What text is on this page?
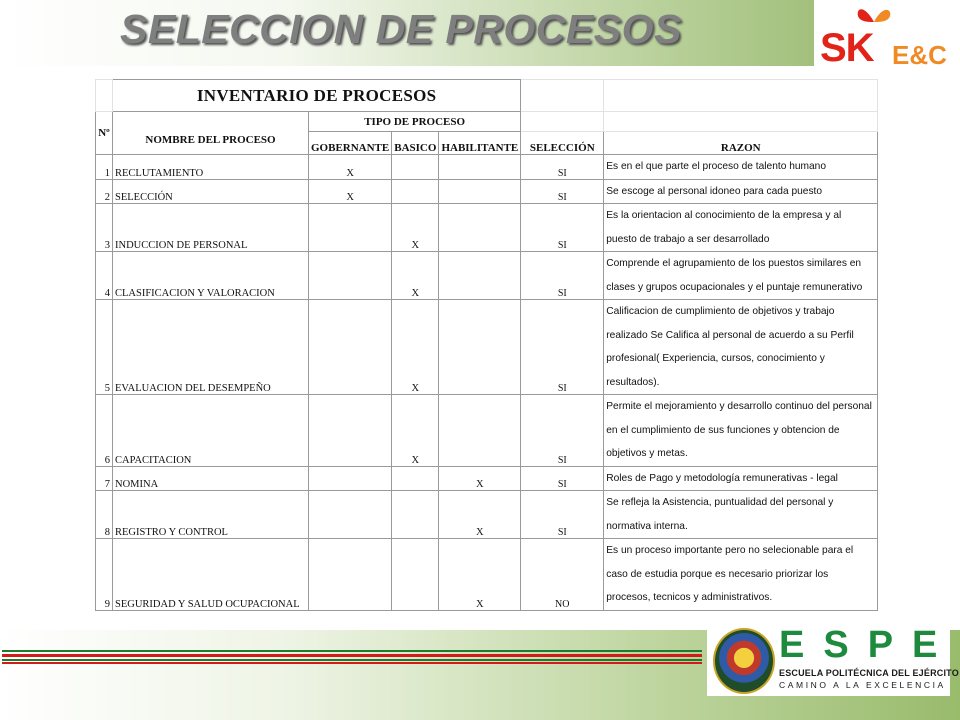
SELECCION DE PROCESOS	SK E&C
	INVENTARIO DE PROCESOS					
Nº	NOMBRE DEL PROCESO	TIPO DE PROCESO				
		GOBERNANTE	BASICO	HABILITANTE	SELECCIÓN	RAZON
1	RECLUTAMIENTO	X			SI	Es en el que parte el proceso de talento humano

2	SELECCIÓN	X			SI	Se escoge al personal idoneo para cada puesto

3	INDUCCION DE PERSONAL		X		SI	Es la orientacion al conocimiento de la empresa y al
puesto de trabajo a ser desarrollado

4	CLASIFICACION Y VALORACION		X		SI	Comprende el agrupamiento de los puestos similares en
clases y grupos ocupacionales y el puntaje remunerativo

5	EVALUACION DEL DESEMPEÑO		X		SI	Calificacion de cumplimiento de objetivos y trabajo
realizado Se Califica al personal de acuerdo a su Perfil
profesional( Experiencia, cursos, conocimiento y
resultados).

6	CAPACITACION		X		SI	Permite el mejoramiento y desarrollo continuo del personal
en el cumplimiento de sus funciones y obtencion de
objetivos y metas.

7	NOMINA			X	SI	Roles de Pago y metodología remunerativas - legal

8	REGISTRO Y CONTROL			X	SI	Se refleja la Asistencia, puntualidad del personal y
normativa interna.

9	SEGURIDAD Y SALUD OCUPACIONAL			X	NO	Es un proceso importante pero no selecionable para el
caso de estudia porque es necesario priorizar los
procesos, tecnicos y administrativos.
ESPE
ESCUELA POLITÉCNICA DEL EJÉRCITO
CAMINO A LA EXCELENCIA
